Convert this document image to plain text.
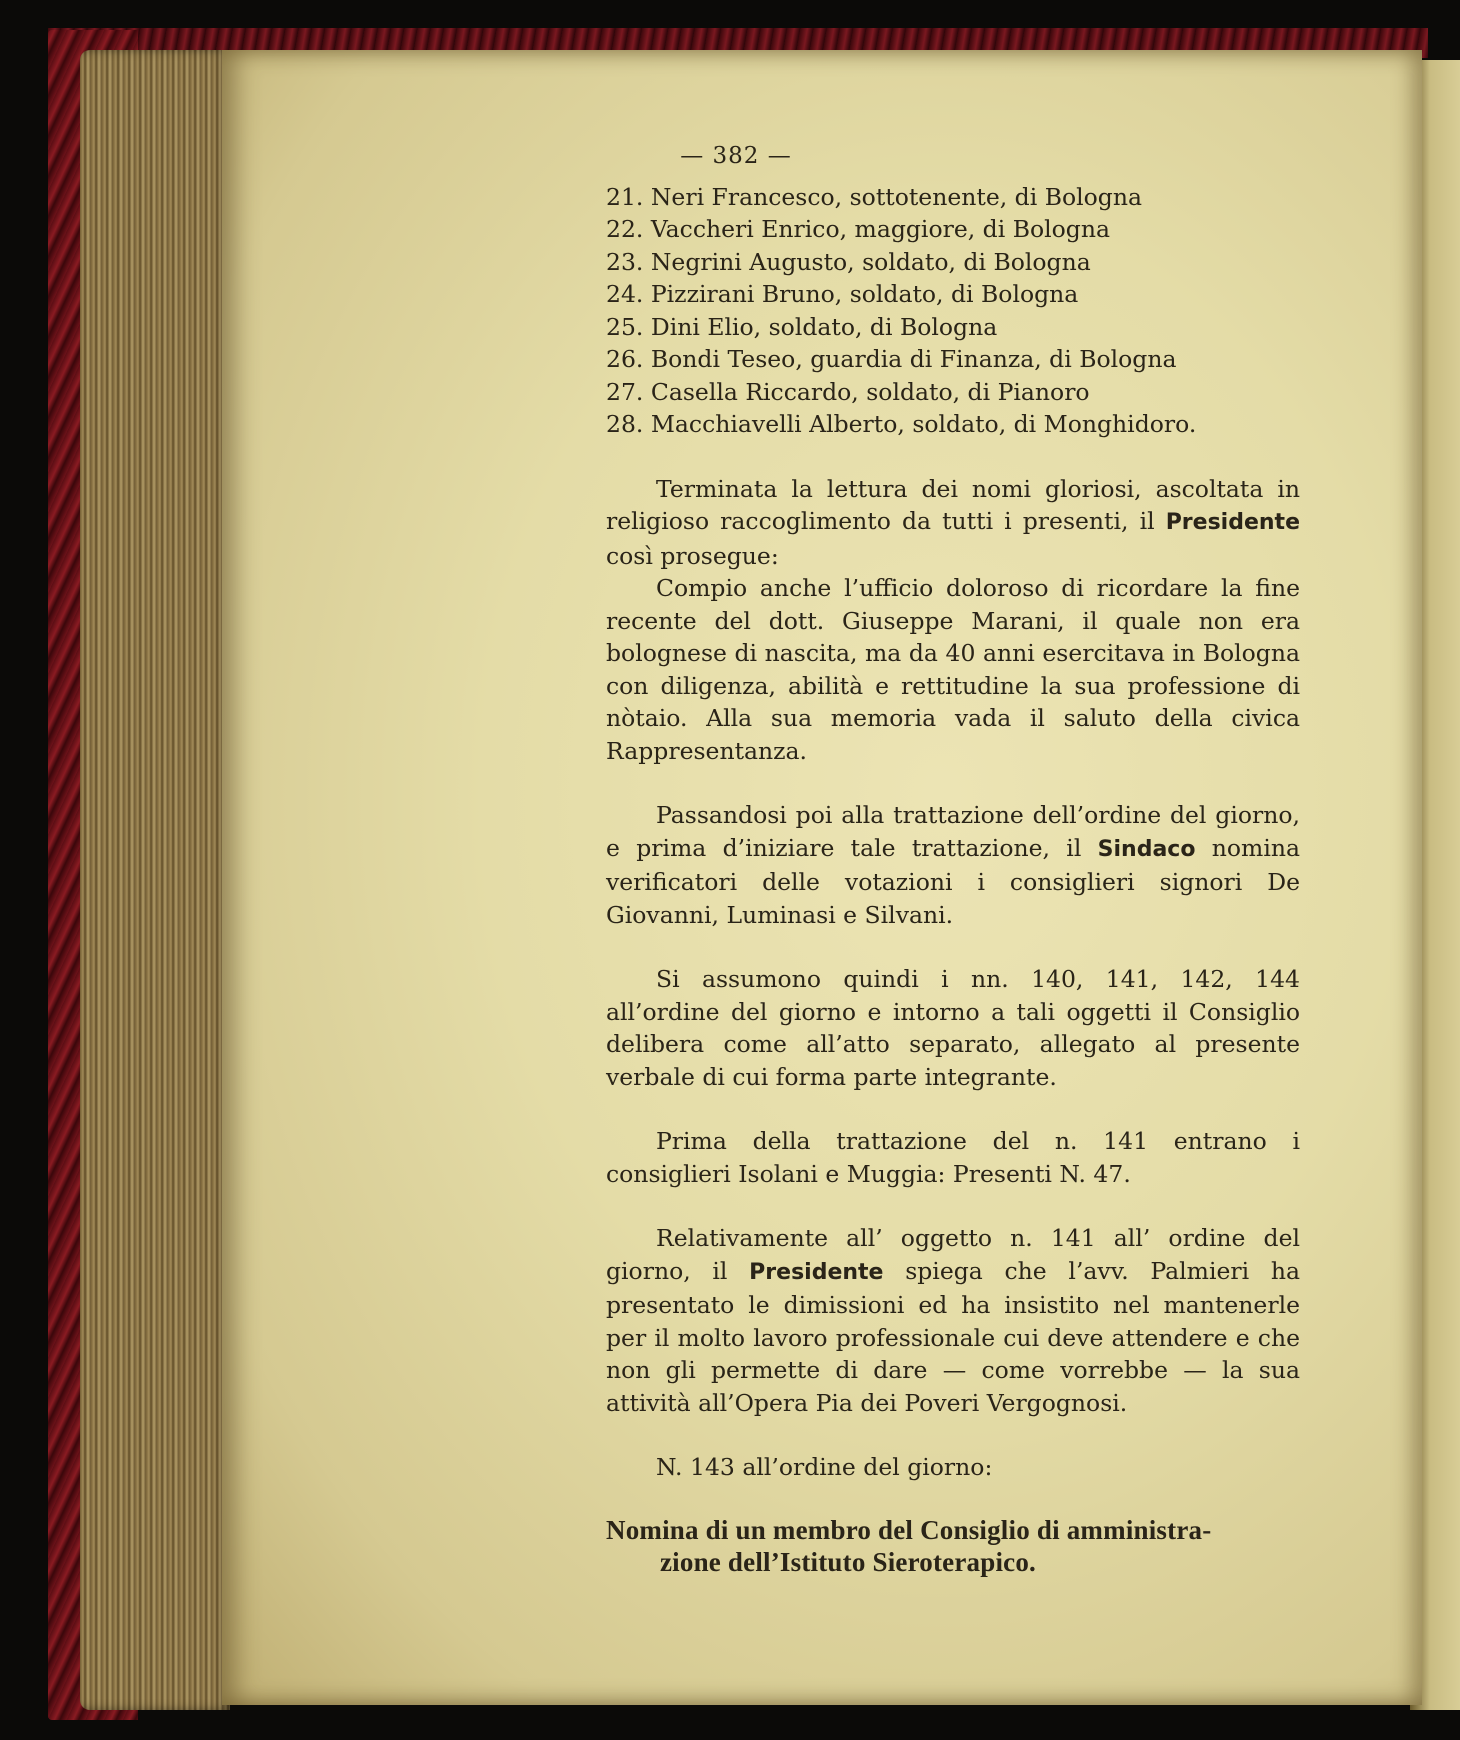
— 382 —
21. Neri Francesco, sottotenente, di Bologna
22. Vaccheri Enrico, maggiore, di Bologna
23. Negrini Augusto, soldato, di Bologna
24. Pizzirani Bruno, soldato, di Bologna
25. Dini Elio, soldato, di Bologna
26. Bondi Teseo, guardia di Finanza, di Bologna
27. Casella Riccardo, soldato, di Pianoro
28. Macchiavelli Alberto, soldato, di Monghidoro.

Terminata la lettura dei nomi gloriosi, ascoltata in religioso raccoglimento da tutti i presenti, il Presidente così prosegue:

Compio anche l’ufficio doloroso di ricordare la fine recente del dott. Giuseppe Marani, il quale non era bolognese di nascita, ma da 40 anni esercitava in Bologna con diligenza, abilità e rettitudine la sua professione di nòtaio. Alla sua memoria vada il saluto della civica Rappresentanza.

Passandosi poi alla trattazione dell’ordine del giorno, e prima d’iniziare tale trattazione, il Sindaco nomina verificatori delle votazioni i consiglieri signori De Giovanni, Luminasi e Silvani.

Si assumono quindi i nn. 140, 141, 142, 144 all’ordine del giorno e intorno a tali oggetti il Consiglio delibera come all’atto separato, allegato al presente verbale di cui forma parte integrante.

Prima della trattazione del n. 141 entrano i consiglieri Isolani e Muggia: Presenti N. 47.

Relativamente all’ oggetto n. 141 all’ ordine del giorno, il Presidente spiega che l’avv. Palmieri ha presentato le dimissioni ed ha insistito nel mantenerle per il molto lavoro professionale cui deve attendere e che non gli permette di dare — come vorrebbe — la sua attività all’Opera Pia dei Poveri Vergognosi.

N. 143 all’ordine del giorno:

Nomina di un membro del Consiglio di amministra-
zione dell’Istituto Sieroterapico.
